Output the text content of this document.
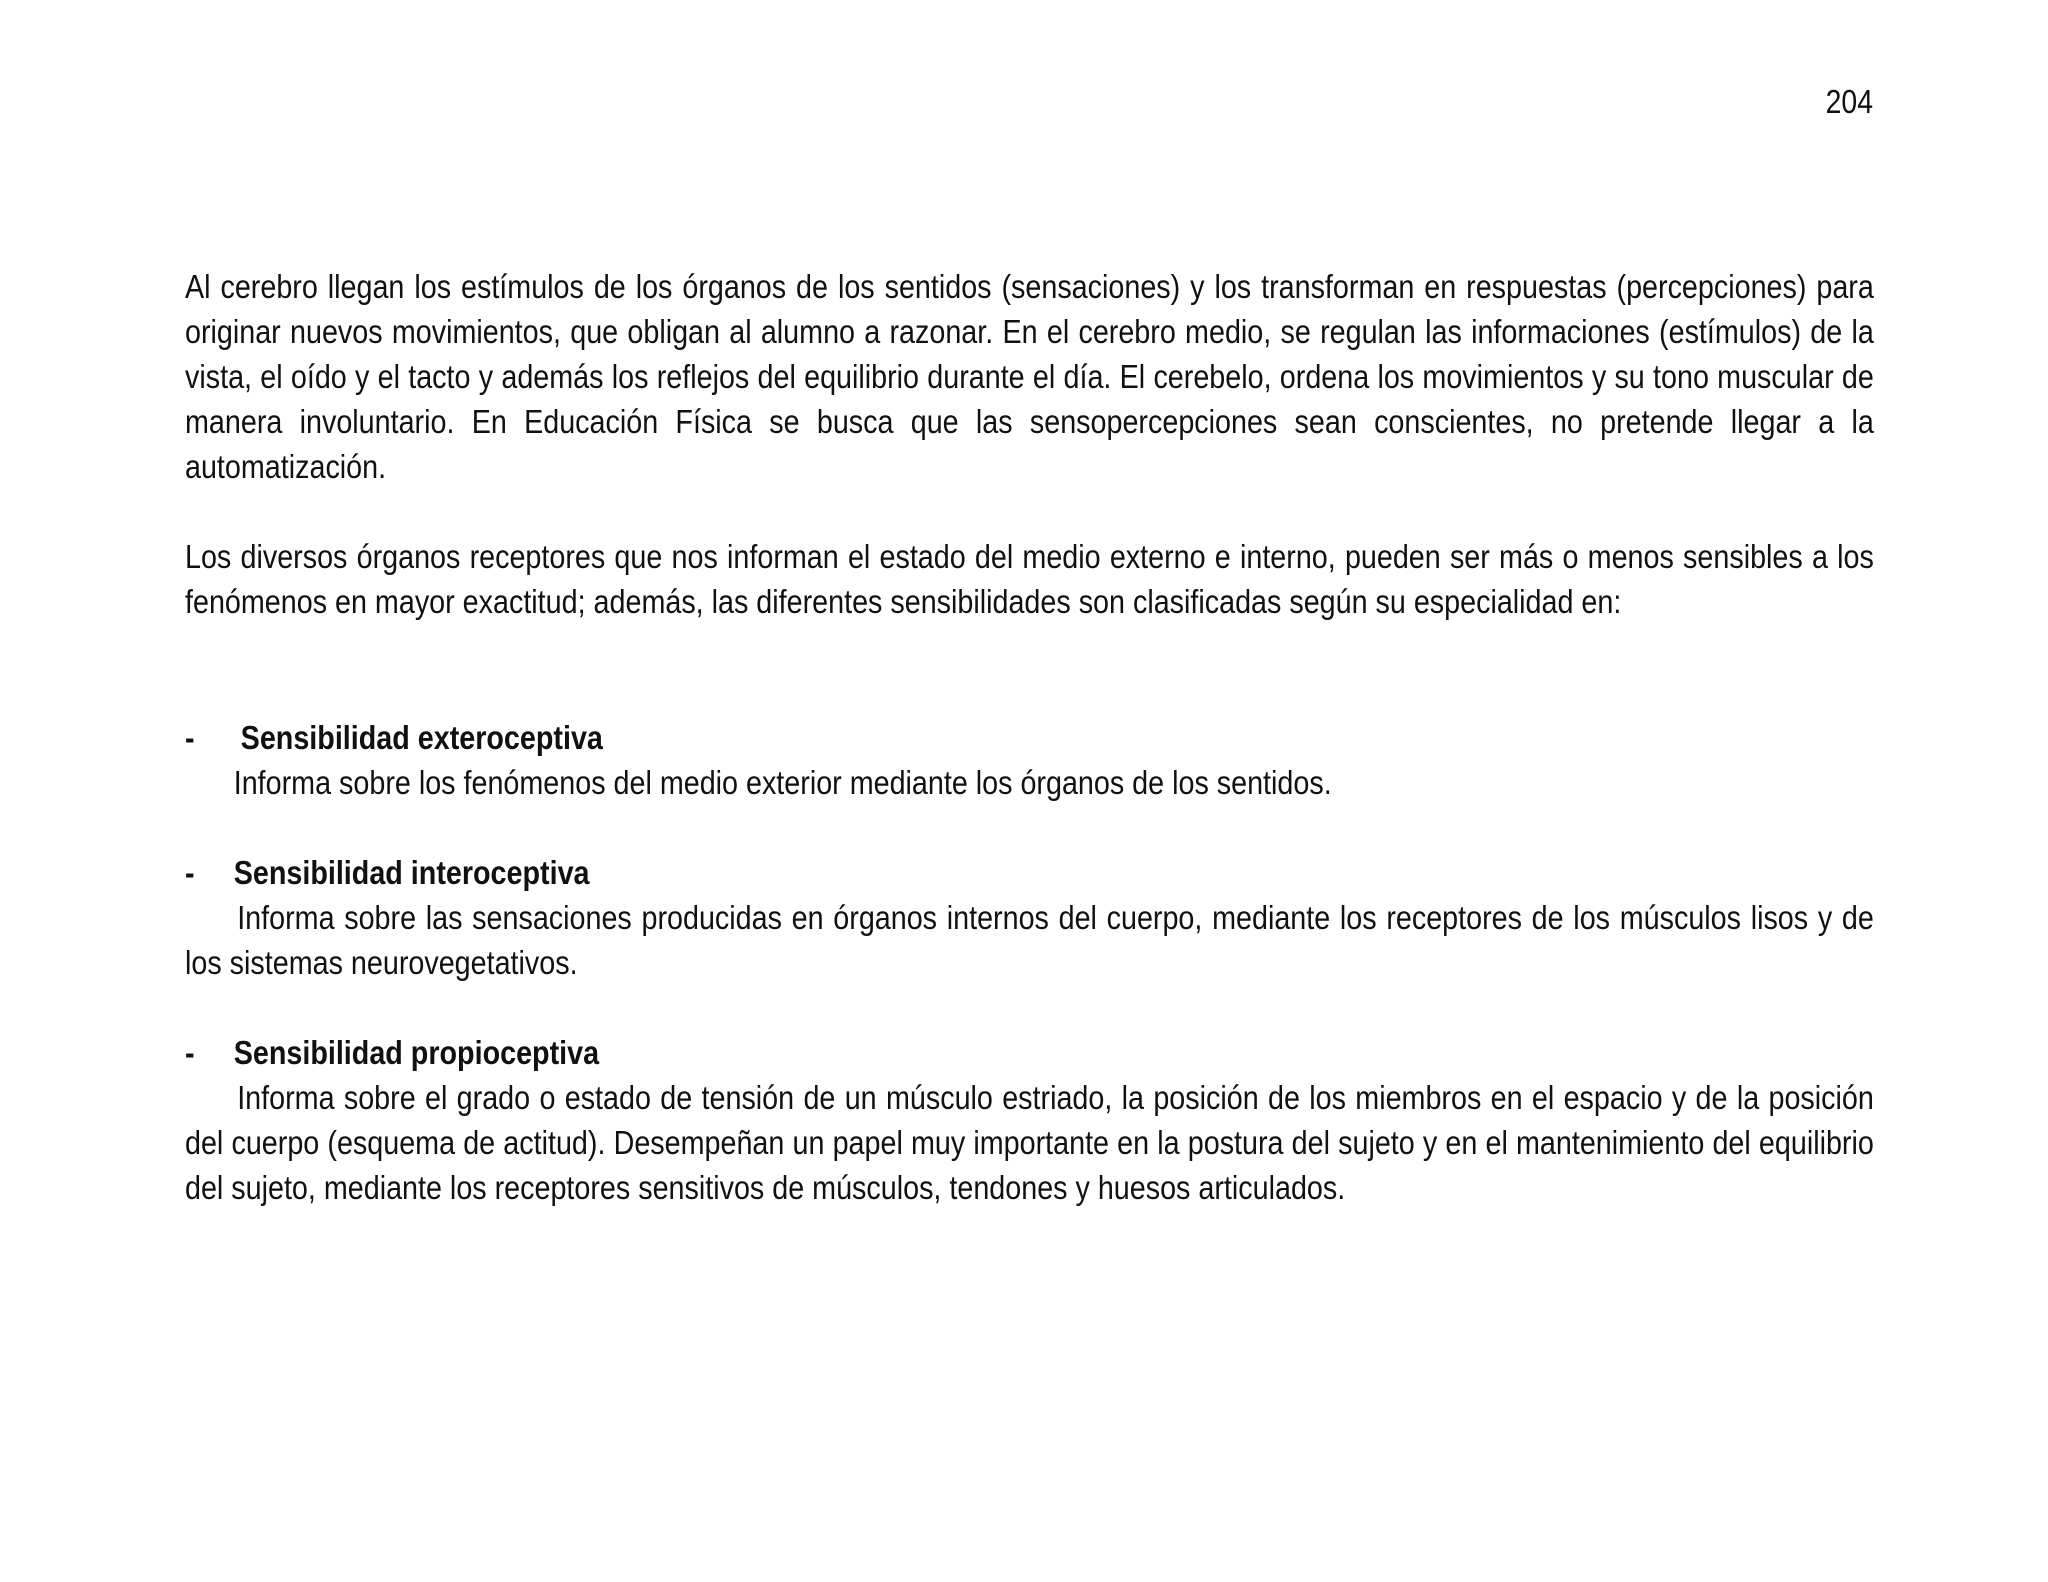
204

Al cerebro llegan los estímulos de los órganos de los sentidos (sensaciones) y los transforman en respuestas (percepciones) para originar nuevos movimientos, que obligan al alumno a razonar. En el cerebro medio, se regulan las informaciones (estímulos) de la vista, el oído y el tacto y además los reflejos del equilibrio durante el día. El cerebelo, ordena los movimientos y su tono muscular de manera involuntario. En Educación Física se busca que las sensopercepciones sean conscientes, no pretende llegar a la automatización.

Los diversos órganos receptores que nos informan el estado del medio externo e interno, pueden ser más o menos sensibles a los fenómenos en mayor exactitud; además, las diferentes sensibilidades son clasificadas según su especialidad en:

-	Sensibilidad exteroceptiva

Informa sobre los fenómenos del medio exterior mediante los órganos de los sentidos.

-	Sensibilidad interoceptiva

Informa sobre las sensaciones producidas en órganos internos del cuerpo, mediante los receptores de los músculos lisos y de los sistemas neurovegetativos.

-	Sensibilidad propioceptiva

Informa sobre el grado o estado de tensión de un músculo estriado, la posición de los miembros en el espacio y de la posición del cuerpo (esquema de actitud). Desempeñan un papel muy importante en la postura del sujeto y en el mantenimiento del equilibrio del sujeto, mediante los receptores sensitivos de músculos, tendones y huesos articulados.
